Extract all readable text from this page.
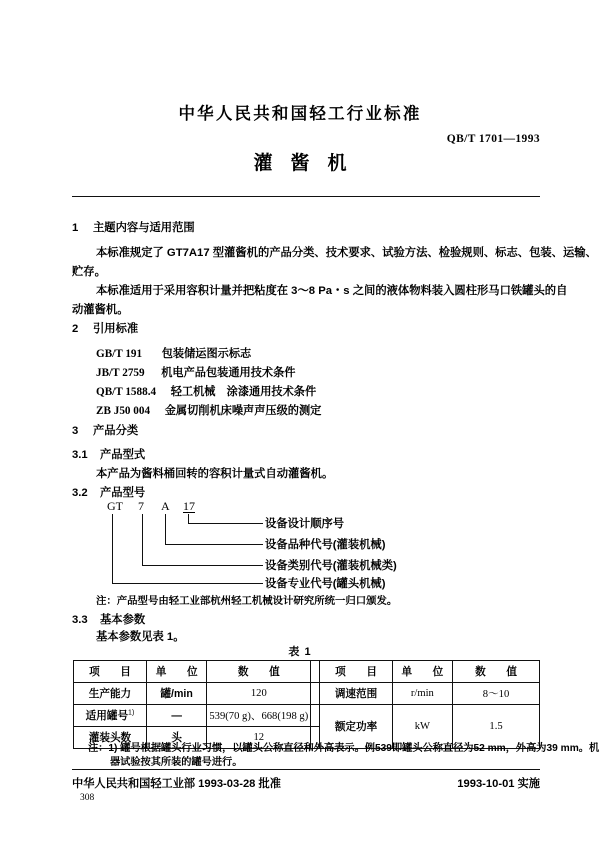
中华人民共和国轻工行业标准
QB/T 1701—1993
灌酱机
1 主题内容与适用范围
本标准规定了 GT7A17 型灌酱机的产品分类、技术要求、试验方法、检验规则、标志、包装、运输、
贮存。
本标准适用于采用容积计量并把粘度在 3～8 Pa・s 之间的液体物料装入圆柱形马口铁罐头的自
动灌酱机。
2 引用标准
GB/T 191 包装储运图示标志
JB/T 2759 机电产品包装通用技术条件
QB/T 1588.4 轻工机械　涂漆通用技术条件
ZB J50 004 金属切削机床噪声声压级的测定
3 产品分类
3.1 产品型式
本产品为酱料桶回转的容积计量式自动灌酱机。
3.2 产品型号
GT 7 A 17
设备设计顺序号
设备品种代号(灌装机械)
设备类别代号(灌装机械类)
设备专业代号(罐头机械)
注：产品型号由轻工业部杭州轻工机械设计研究所统一归口颁发。
3.3 基本参数
基本参数见表 1。
表 1
项　目	单　位	数　值		项　目	单　位	数　值
生产能力	罐/min	120		调速范围	r/min	8～10
适用罐号$^{1)}$	—	539(70 g)、668(198 g)		额定功率	kW	1.5
灌装头数	头	12				
注：1) 罐号根据罐头行业习惯，以罐头公称直径和外高表示。例539即罐头公称直径为52 mm，外高为39 mm。机
器试验按其所装的罐号进行。
中华人民共和国轻工业部 1993-03-28 批准	1993-10-01 实施
308
